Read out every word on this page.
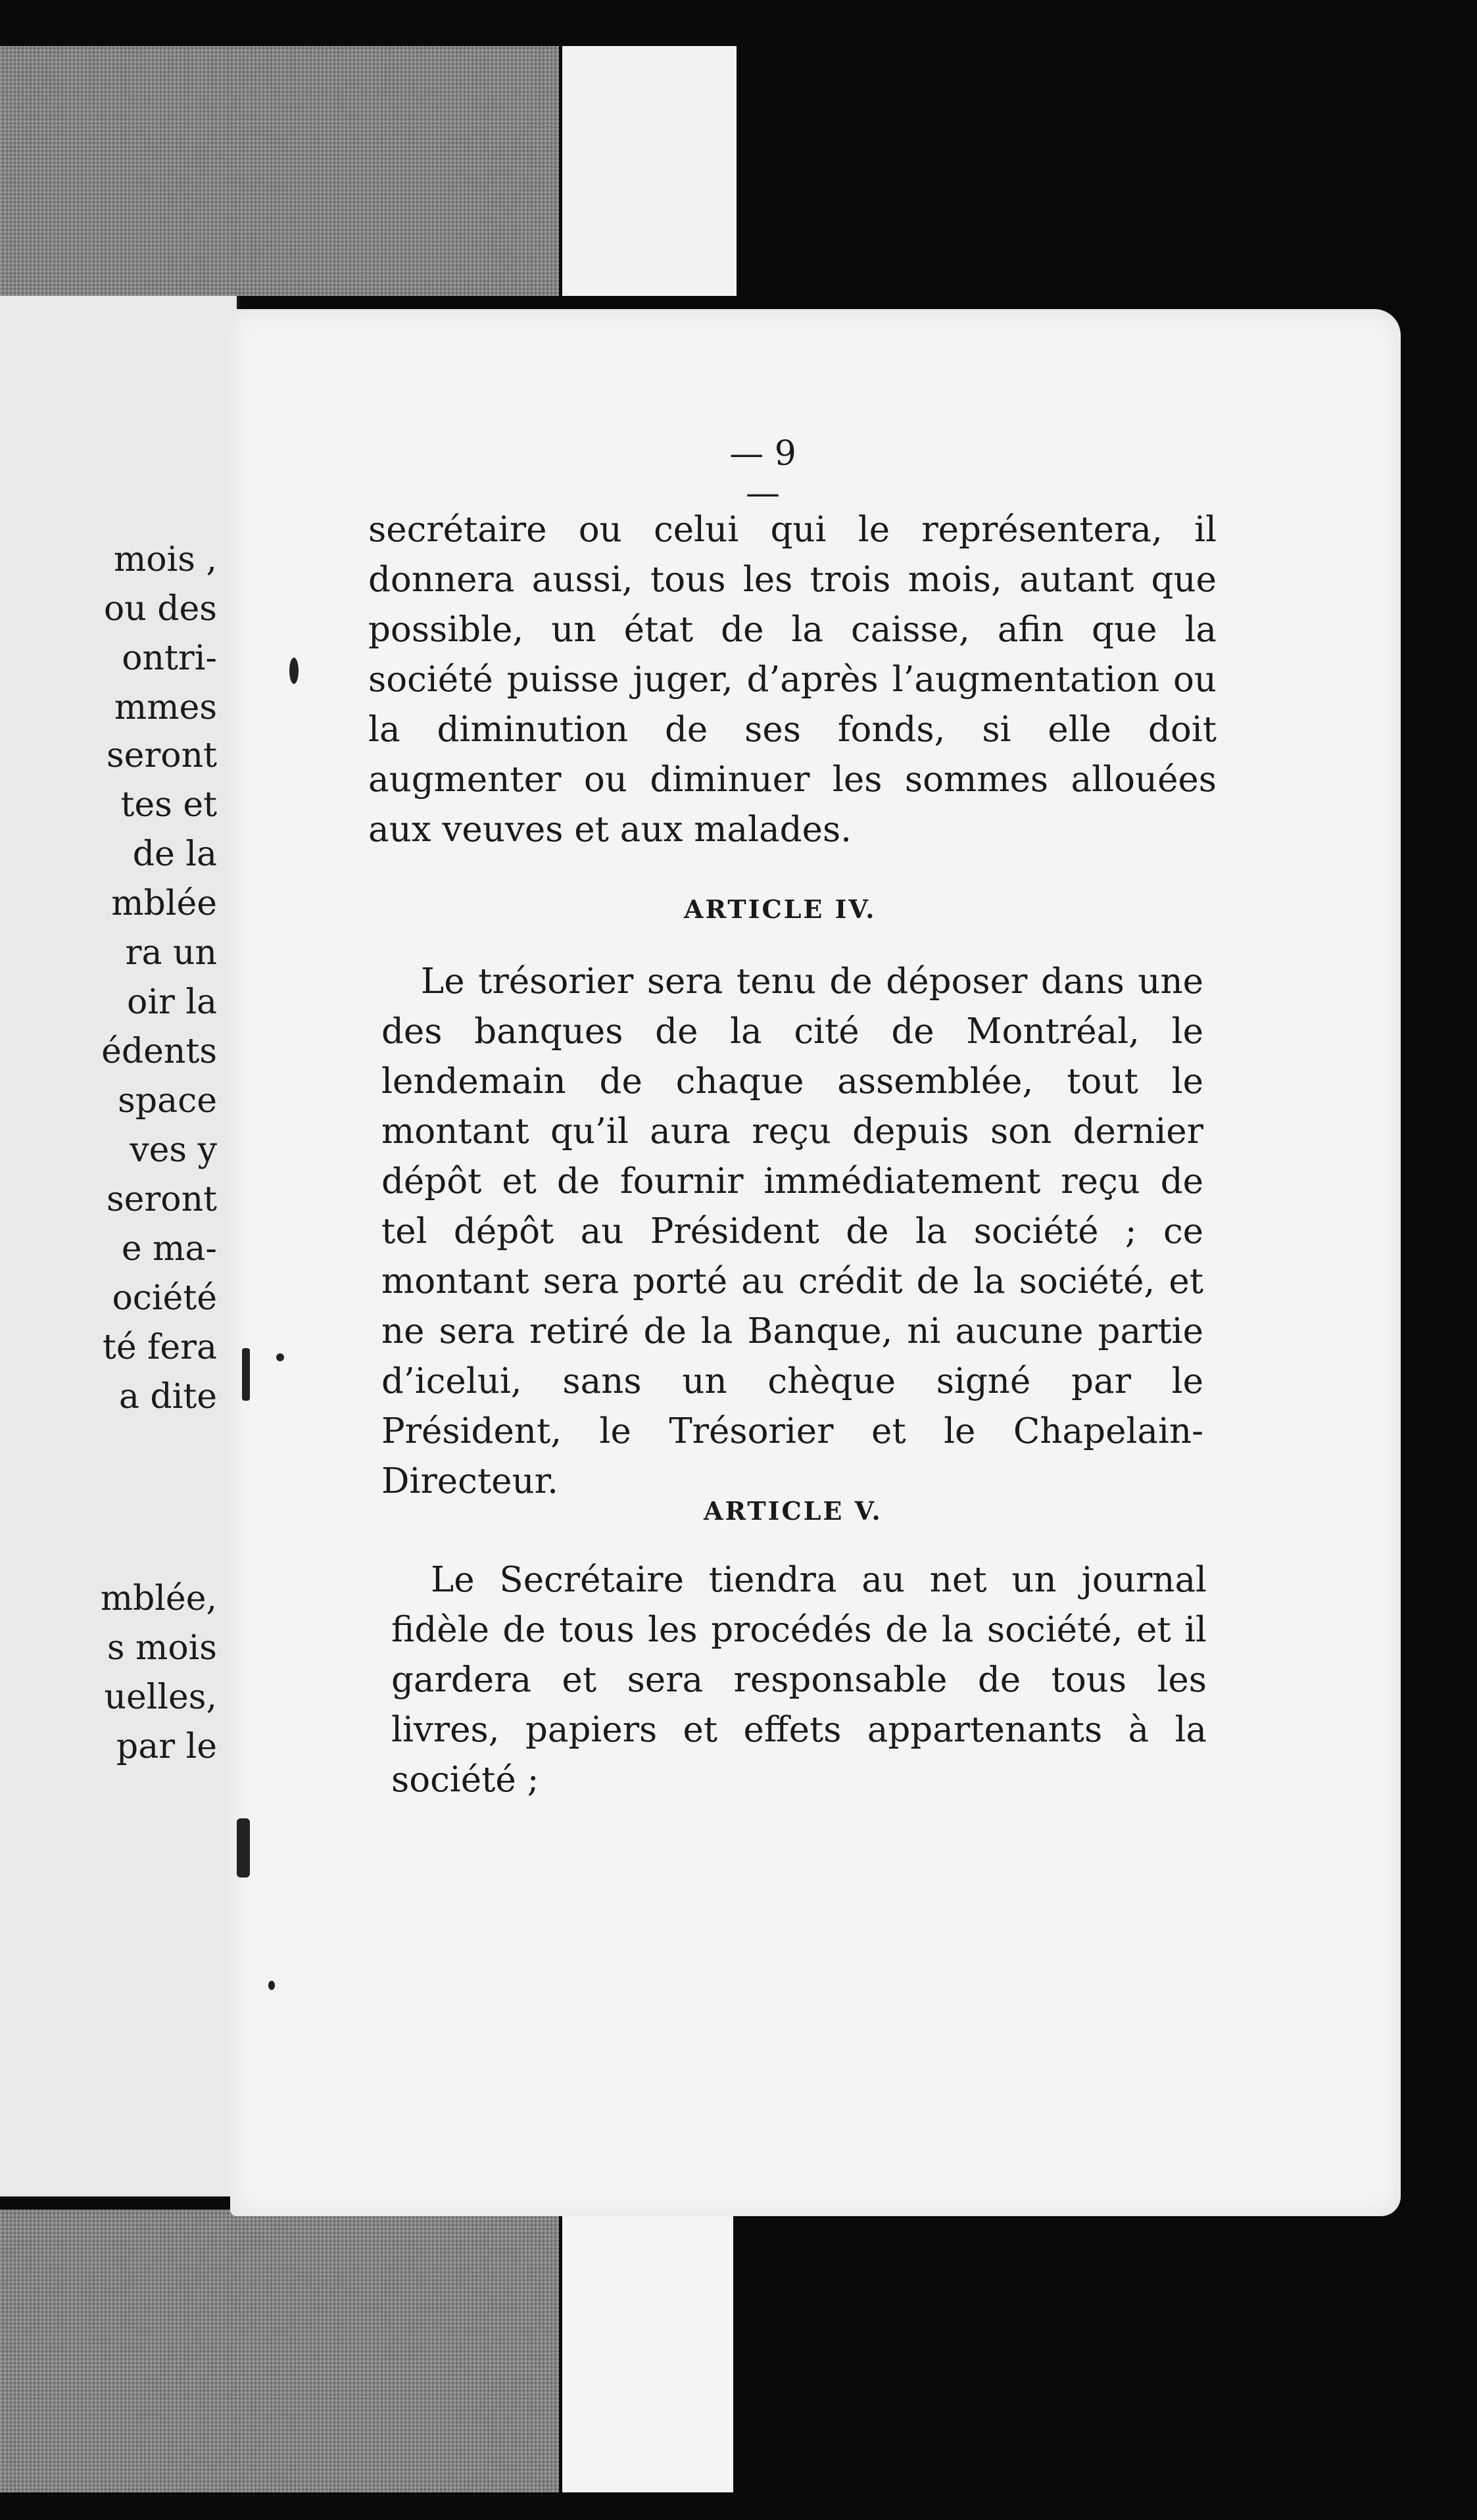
mois ,

ou des

ontri-

mmes

seront

tes et

de la

mblée

ra un

oir la

édents

space

ves y

seront

e ma-

ociété

té fera

a dite

mblée,

s mois

uelles,

par le

— 9 —

secrétaire ou celui qui le représentera, il donnera aussi, tous les trois mois, autant que possible, un état de la caisse, afin que la société puisse juger, d’après l’augmentation ou la diminution de ses fonds, si elle doit augmenter ou diminuer les sommes allouées aux veuves et aux malades.

ARTICLE IV.

Le trésorier sera tenu de déposer dans une des banques de la cité de Montréal, le lendemain de chaque assemblée, tout le montant qu’il aura reçu depuis son dernier dépôt et de fournir immédiatement reçu de tel dépôt au Président de la société ; ce montant sera porté au crédit de la société, et ne sera retiré de la Banque, ni aucune partie d’icelui, sans un chèque signé par le Président, le Trésorier et le Chapelain-Directeur.

ARTICLE V.

Le Secrétaire tiendra au net un journal fidèle de tous les procédés de la société, et il gardera et sera responsable de tous les livres, papiers et effets appartenants à la société ;
